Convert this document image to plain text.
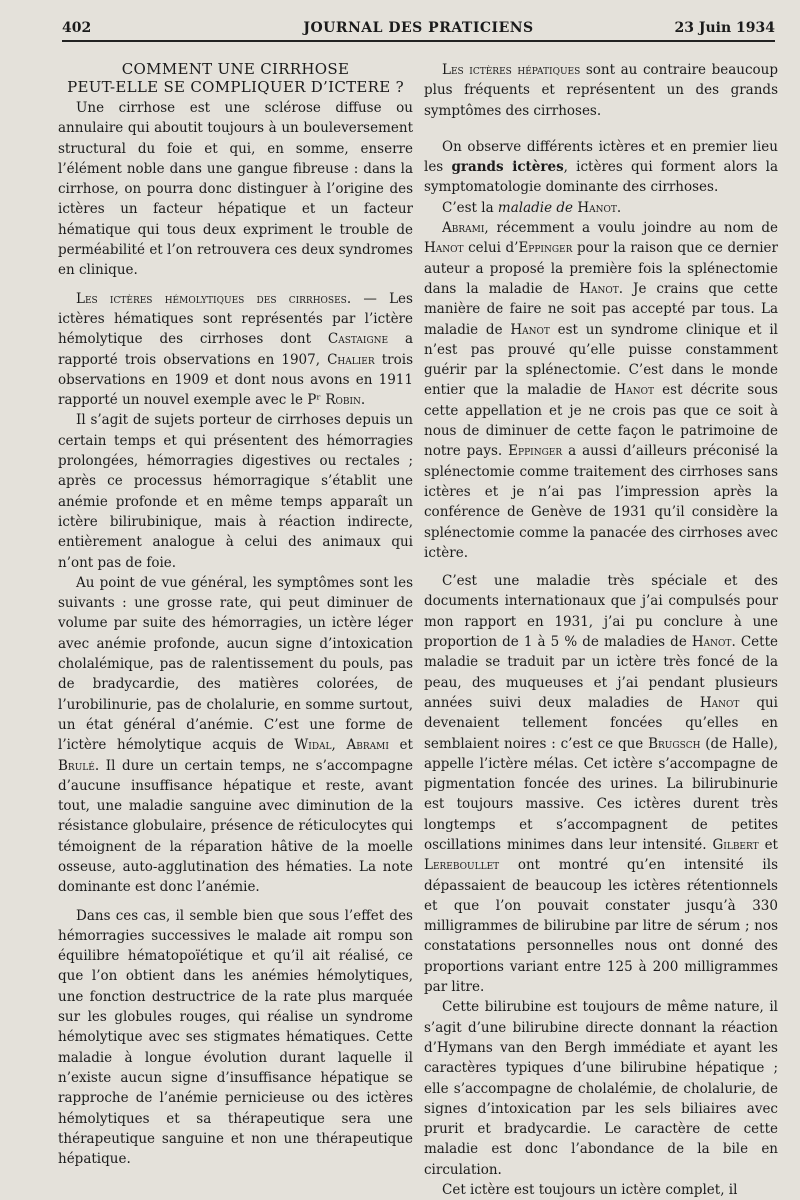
402	JOURNAL DES PRATICIENS	23 Juin 1934
COMMENT UNE CIRRHOSE
PEUT-ELLE SE COMPLIQUER D’ICTERE ?

Une cirrhose est une sclérose diffuse ou annulaire qui aboutit toujours à un bouleversement structural du foie et qui, en somme, enserre l’élément noble dans une gangue fibreuse : dans la cirrhose, on pourra donc distinguer à l’origine des ictères un facteur hépatique et un facteur hématique qui tous deux expriment le trouble de perméabilité et l’on retrouvera ces deux syndromes en clinique.

Les ictères hémolytiques des cirrhoses. — Les ictères hématiques sont représentés par l’ictère hémolytique des cirrhoses dont Castaigne a rapporté trois observations en 1907, Chalier trois observations en 1909 et dont nous avons en 1911 rapporté un nouvel exemple avec le Pʳ Robin.

Il s’agit de sujets porteur de cirrhoses depuis un certain temps et qui présentent des hémorragies prolongées, hémorragies digestives ou rectales ; après ce processus hémorragique s’établit une anémie profonde et en même temps apparaît un ictère bilirubinique, mais à réaction indirecte, entièrement analogue à celui des animaux qui n’ont pas de foie.

Au point de vue général, les symptômes sont les suivants : une grosse rate, qui peut diminuer de volume par suite des hémorragies, un ictère léger avec anémie profonde, aucun signe d’intoxication cholalémique, pas de ralentissement du pouls, pas de bradycardie, des matières colorées, de l’urobilinurie, pas de cholalurie, en somme surtout, un état général d’anémie. C’est une forme de l’ictère hémolytique acquis de Widal, Abrami et Brulé. Il dure un certain temps, ne s’accompagne d’aucune insuffisance hépatique et reste, avant tout, une maladie sanguine avec diminution de la résistance globulaire, présence de réticulocytes qui témoignent de la réparation hâtive de la moelle osseuse, auto-agglutination des hématies. La note dominante est donc l’anémie.

Dans ces cas, il semble bien que sous l’effet des hémorragies successives le malade ait rompu son équilibre hématopoïétique et qu’il ait réalisé, ce que l’on obtient dans les anémies hémolytiques, une fonction destructrice de la rate plus marquée sur les globules rouges, qui réalise un syndrome hémolytique avec ses stigmates hématiques. Cette maladie à longue évolution durant laquelle il n’existe aucun signe d’insuffisance hépatique se rapproche de l’anémie pernicieuse ou des ictères hémolytiques et sa thérapeutique sera une thérapeutique sanguine et non une thérapeutique hépatique.

Les ictères hépatiques sont au contraire beaucoup plus fréquents et représentent un des grands symptômes des cirrhoses.

On observe différents ictères et en premier lieu les grands ictères, ictères qui forment alors la symptomatologie dominante des cirrhoses.

C’est la maladie de Hanot.

Abrami, récemment a voulu joindre au nom de Hanot celui d’Eppinger pour la raison que ce dernier auteur a proposé la première fois la splénectomie dans la maladie de Hanot. Je crains que cette manière de faire ne soit pas accepté par tous. La maladie de Hanot est un syndrome clinique et il n’est pas prouvé qu’elle puisse constamment guérir par la splénectomie. C’est dans le monde entier que la maladie de Hanot est décrite sous cette appellation et je ne crois pas que ce soit à nous de diminuer de cette façon le patrimoine de notre pays. Eppinger a aussi d’ailleurs préconisé la splénectomie comme traitement des cirrhoses sans ictères et je n’ai pas l’impression après la conférence de Genève de 1931 qu’il considère la splénectomie comme la panacée des cirrhoses avec ictère.

C’est une maladie très spéciale et des documents internationaux que j’ai compulsés pour mon rapport en 1931, j’ai pu conclure à une proportion de 1 à 5 % de maladies de Hanot. Cette maladie se traduit par un ictère très foncé de la peau, des muqueuses et j’ai pendant plusieurs années suivi deux maladies de Hanot qui devenaient tellement foncées qu’elles en semblaient noires : c’est ce que Brugsch (de Halle), appelle l’ictère mélas. Cet ictère s’accompagne de pigmentation foncée des urines. La bilirubinurie est toujours massive. Ces ictères durent très longtemps et s’accompagnent de petites oscillations minimes dans leur intensité. Gilbert et Lereboullet ont montré qu’en intensité ils dépassaient de beaucoup les ictères rétentionnels et que l’on pouvait constater jusqu’à 330 milligrammes de bilirubine par litre de sérum ; nos constatations personnelles nous ont donné des proportions variant entre 125 à 200 milligrammes par litre.

Cette bilirubine est toujours de même nature, il s’agit d’une bilirubine directe donnant la réaction d’Hymans van den Bergh immédiate et ayant les caractères typiques d’une bilirubine hépatique ; elle s’accompagne de cholalémie, de cholalurie, de signes d’intoxication par les sels biliaires avec prurit et bradycardie. Le caractère de cette maladie est donc l’abondance de la bile en circulation.

Cet ictère est toujours un ictère complet, il
